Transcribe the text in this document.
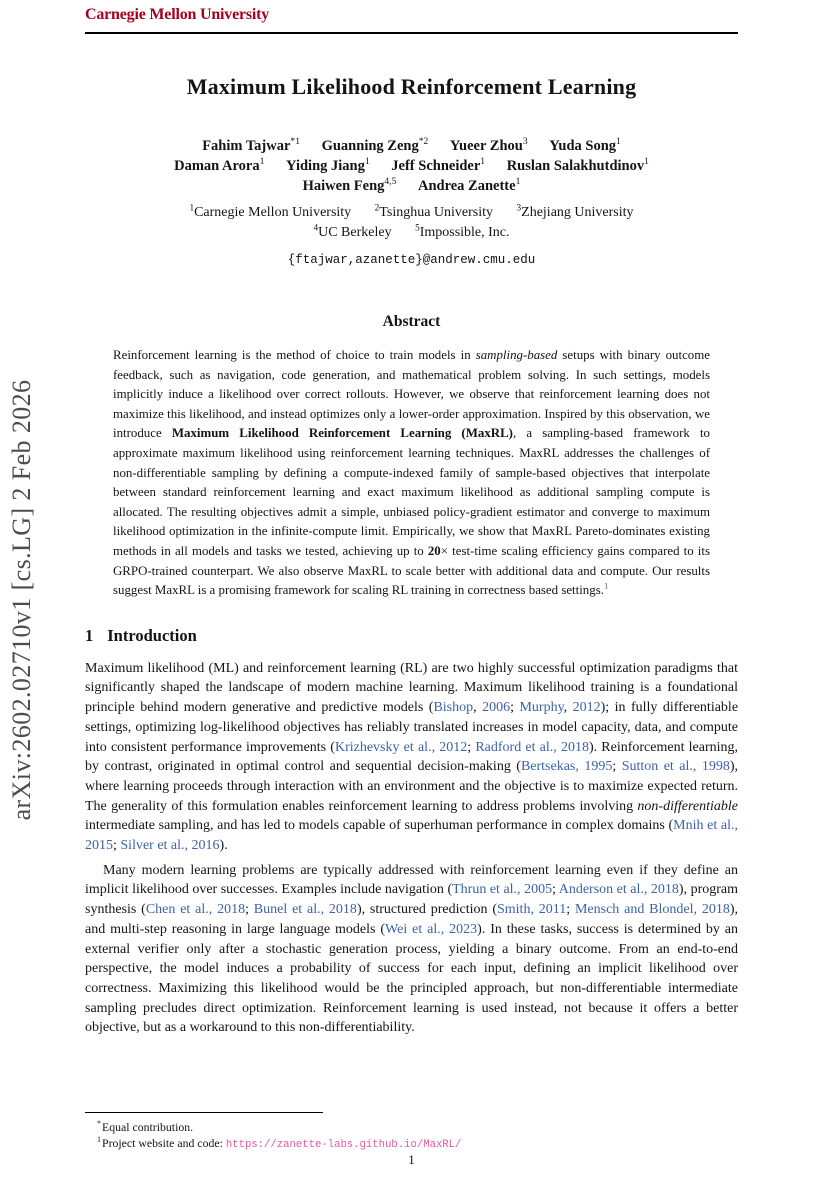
arXiv:2602.02710v1 [cs.LG] 2 Feb 2026
Carnegie Mellon University
Maximum Likelihood Reinforcement Learning
Fahim Tajwar$^{*1}$ Guanning Zeng$^{*2}$ Yueer Zhou$^3$ Yuda Song$^1$
Daman Arora$^1$ Yiding Jiang$^1$ Jeff Schneider$^1$ Ruslan Salakhutdinov$^1$
Haiwen Feng$^{4,5}$ Andrea Zanette$^1$
$^1$Carnegie Mellon University	$^2$Tsinghua University	$^3$Zhejiang University
$^4$UC Berkeley	$^5$Impossible, Inc.
{ftajwar,azanette}@andrew.cmu.edu
Abstract

Reinforcement learning is the method of choice to train models in sampling-based setups with binary outcome feedback, such as navigation, code generation, and mathematical problem solving. In such settings, models implicitly induce a likelihood over correct rollouts. However, we observe that reinforcement learning does not maximize this likelihood, and instead optimizes only a lower-order approximation. Inspired by this observation, we introduce Maximum Likelihood Reinforcement Learning (MaxRL), a sampling-based framework to approximate maximum likelihood using reinforcement learning techniques. MaxRL addresses the challenges of non-differentiable sampling by defining a compute-indexed family of sample-based objectives that interpolate between standard reinforcement learning and exact maximum likelihood as additional sampling compute is allocated. The resulting objectives admit a simple, unbiased policy-gradient estimator and converge to maximum likelihood optimization in the infinite-compute limit. Empirically, we show that MaxRL Pareto-dominates existing methods in all models and tasks we tested, achieving up to 20× test-time scaling efficiency gains compared to its GRPO-trained counterpart. We also observe MaxRL to scale better with additional data and compute. Our results suggest MaxRL is a promising framework for scaling RL training in correctness based settings.$^1$

1 Introduction

Maximum likelihood (ML) and reinforcement learning (RL) are two highly successful optimization paradigms that significantly shaped the landscape of modern machine learning. Maximum likelihood training is a foundational principle behind modern generative and predictive models (Bishop, 2006; Murphy, 2012); in fully differentiable settings, optimizing log-likelihood objectives has reliably translated increases in model capacity, data, and compute into consistent performance improvements (Krizhevsky et al., 2012; Radford et al., 2018). Reinforcement learning, by contrast, originated in optimal control and sequential decision-making (Bertsekas, 1995; Sutton et al., 1998), where learning proceeds through interaction with an environment and the objective is to maximize expected return. The generality of this formulation enables reinforcement learning to address problems involving non-differentiable intermediate sampling, and has led to models capable of superhuman performance in complex domains (Mnih et al., 2015; Silver et al., 2016).

Many modern learning problems are typically addressed with reinforcement learning even if they define an implicit likelihood over successes. Examples include navigation (Thrun et al., 2005; Anderson et al., 2018), program synthesis (Chen et al., 2018; Bunel et al., 2018), structured prediction (Smith, 2011; Mensch and Blondel, 2018), and multi-step reasoning in large language models (Wei et al., 2023). In these tasks, success is determined by an external verifier only after a stochastic generation process, yielding a binary outcome. From an end-to-end perspective, the model induces a probability of success for each input, defining an implicit likelihood over correctness. Maximizing this likelihood would be the principled approach, but non-differentiable intermediate sampling precludes direct optimization. Reinforcement learning is used instead, not because it offers a better objective, but as a workaround to this non-differentiability.

*Equal contribution.
$^1$Project website and code: https://zanette-labs.github.io/MaxRL/
1
